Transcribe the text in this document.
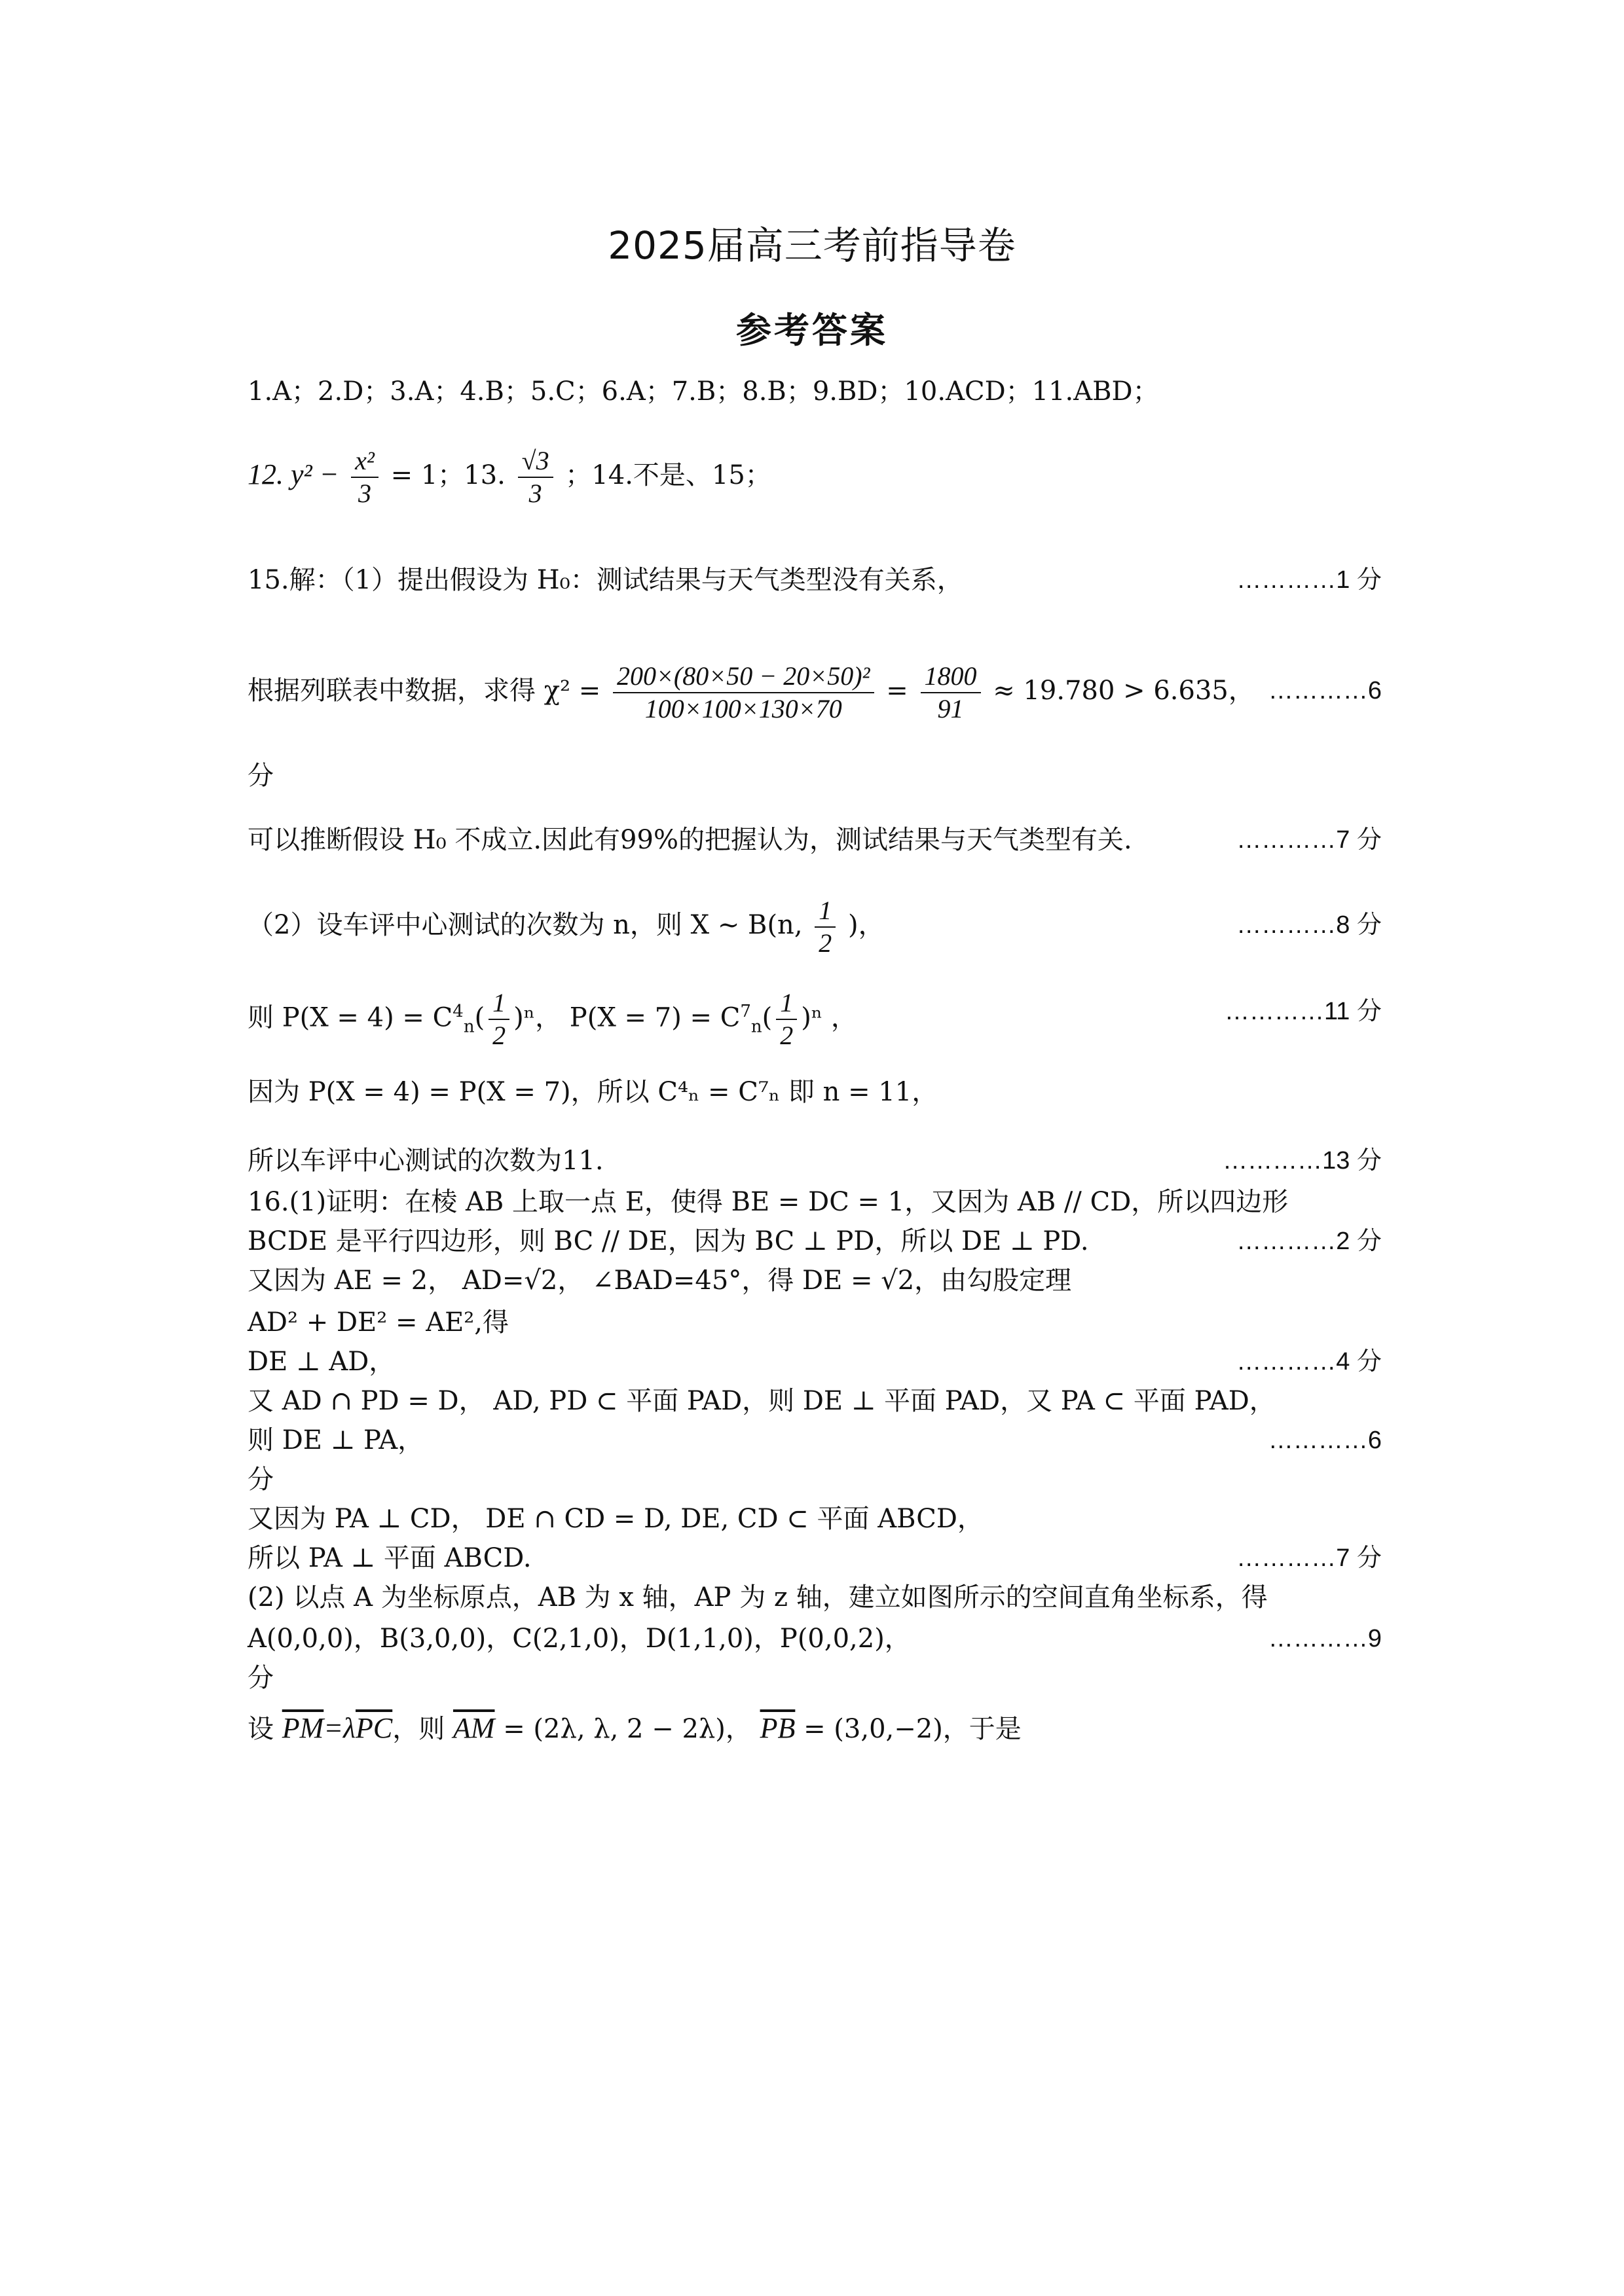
2025届高三考前指导卷
参考答案
1.A；2.D；3.A；4.B；5.C；6.A；7.B；8.B；9.BD；10.ACD；11.ABD；
12. $y^2 - \frac{\text{x²}}{3} = 1$；13. $\frac{√3}{3}$ ；14.不是、15；
15.解：（1）提出假设为 H₀：测试结果与天气类型没有关系，	…………1 分
根据列联表中数据，求得 $\chi^2 = \frac{\text{200×(80×50 − 20×50)²}}{100\times 100\times 130\times 70} = \frac{1800}{91} \approx 19.780 > 6.635$， …………6
分
可以推断假设 H₀ 不成立.因此有99%的把握认为，测试结果与天气类型有关.	…………7 分
（2）设车评中心测试的次数为 n，则 X ~ B(n, $\frac{1}{2}$ )，	…………8 分
则 $P(X = 4) = C^4_n( \frac{1}{2} )^n$， $P(X = 7) = C^7_n( \frac{1}{2} )^n$ ，	…………11 分
因为 P(X = 4) = P(X = 7)，所以 C⁴ₙ = C⁷ₙ 即 n = 11，
所以车评中心测试的次数为11.	…………13 分
16.(1)证明：在棱 AB 上取一点 E，使得 BE = DC = 1，又因为 AB // CD，所以四边形
BCDE 是平行四边形，则 BC // DE，因为 BC ⊥ PD，所以 DE ⊥ PD.	…………2 分
又因为 AE = 2， AD=√2， ∠BAD=45°，得 DE = √2，由勾股定理
AD² + DE² = AE²,得
DE ⊥ AD，	…………4 分
又 AD ∩ PD = D， AD, PD ⊂ 平面 PAD，则 DE ⊥ 平面 PAD，又 PA ⊂ 平面 PAD，
则 DE ⊥ PA，	…………6
分
又因为 PA ⊥ CD， DE ∩ CD = D, DE, CD ⊂ 平面 ABCD，
所以 PA ⊥ 平面 ABCD.	…………7 分
(2) 以点 A 为坐标原点，AB 为 x 轴，AP 为 z 轴，建立如图所示的空间直角坐标系，得
A(0,0,0)，B(3,0,0)，C(2,1,0)，D(1,1,0)，P(0,0,2)，	…………9
分
设 $\overline{PM}=\lambda\overline{PC}$，则 $\overline{AM} = (2\lambda$, λ, 2 − 2λ)， $\overline{PB} = (3,0,-2)$，于是
